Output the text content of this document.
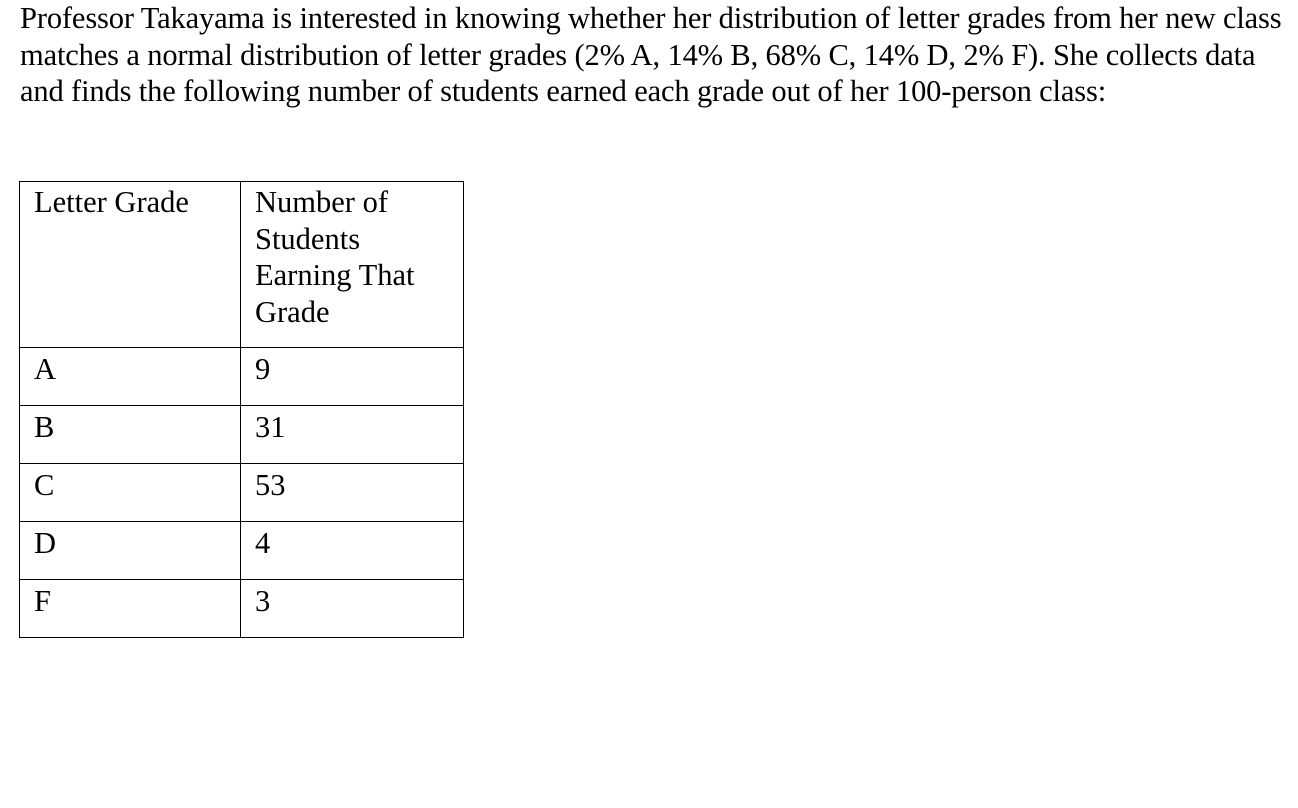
Professor Takayama is interested in knowing whether her distribution of letter grades from her new class matches a normal distribution of letter grades (2% A, 14% B, 68% C, 14% D, 2% F). She collects data and finds the following number of students earned each grade out of her 100-person class:

Letter Grade	Number of Students Earning That Grade

A	9

B	31

C	53

D	4

F	3
